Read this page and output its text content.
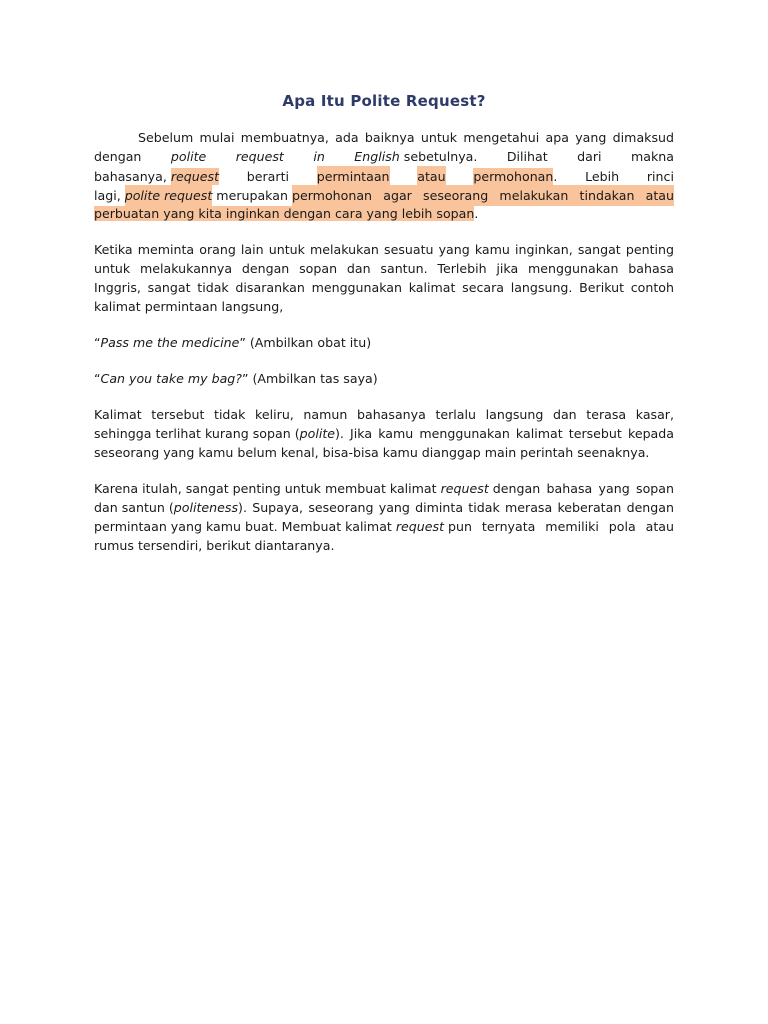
Apa Itu Polite Request?
Sebelum mulai membuatnya, ada baiknya untuk mengetahui apa yang dimaksud
dengan polite request in English sebetulnya. Dilihat dari makna
bahasanya, request berarti permintaan atau permohonan. Lebih rinci
lagi,
polite request
merupakan
permohonan agar seseorang melakukan tindakan atau
perbuatan yang kita inginkan dengan cara yang lebih sopan.
Ketika meminta orang lain untuk melakukan sesuatu yang kamu inginkan, sangat penting
untuk melakukannya dengan sopan dan santun. Terlebih jika menggunakan bahasa
Inggris, sangat tidak disarankan menggunakan kalimat secara langsung. Berikut contoh
kalimat permintaan langsung,
“Pass me the medicine” (Ambilkan obat itu)
“Can you take my bag?” (Ambilkan tas saya)
Kalimat tersebut tidak keliru, namun bahasanya terlalu langsung dan terasa kasar,
sehingga terlihat kurang sopan ( polite ). Jika kamu menggunakan kalimat tersebut kepada
seseorang yang kamu belum kenal, bisa-bisa kamu dianggap main perintah seenaknya.
Karena itulah, sangat penting untuk membuat kalimat
request
dengan bahasa yang sopan
dan santun ( politeness ). Supaya, seseorang yang diminta tidak merasa keberatan dengan
permintaan yang kamu buat. Membuat kalimat
request
pun ternyata memiliki pola atau
rumus tersendiri, berikut diantaranya.
